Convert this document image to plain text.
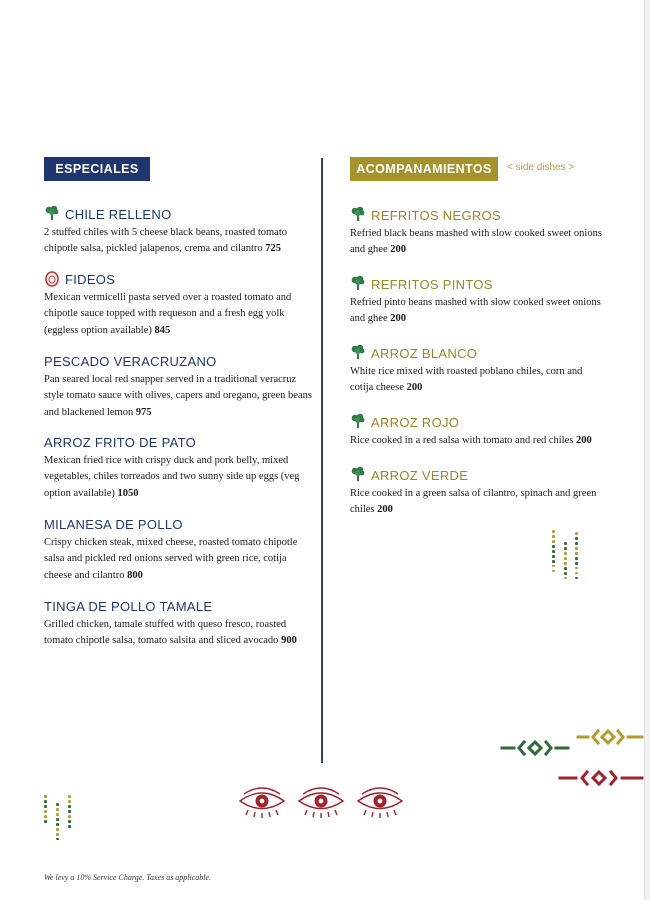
ESPECIALES
CHILE RELLENO
2 stuffed chiles with 5 cheese black beans, roasted tomato chipotle salsa, pickled jalapenos, crema and cilantro 725
FIDEOS
Mexican vermicelli pasta served over a roasted tomato and chipotle sauce topped with requeson and a fresh egg yolk (eggless option available) 845
PESCADO VERACRUZANO
Pan seared local red snapper served in a traditional veracruz style tomato sauce with olives, capers and oregano, green beans and blackened lemon 975
ARROZ FRITO DE PATO
Mexican fried rice with crispy duck and pork belly, mixed vegetables, chiles torreados and two sunny side up eggs (veg option available) 1050
MILANESA DE POLLO
Crispy chicken steak, mixed cheese, roasted tomato chipotle salsa and pickled red onions served with green rice, cotija cheese and cilantro 800
TINGA DE POLLO TAMALE
Grilled chicken, tamale stuffed with queso fresco, roasted tomato chipotle salsa, tomato salsita and sliced avocado 900
ACOMPANAMIENTOS	< side dishes >
REFRITOS NEGROS
Refried black beans mashed with slow cooked sweet onions and ghee 200
REFRITOS PINTOS
Refried pinto beans mashed with slow cooked sweet onions and ghee 200
ARROZ BLANCO
White rice mixed with roasted poblano chiles, corn and cotija cheese 200
ARROZ ROJO
Rice cooked in a red salsa with tomato and red chiles 200
ARROZ VERDE
Rice cooked in a green salsa of cilantro, spinach and green chiles 200
We levy a 10% Service Charge. Taxes as applicable.
